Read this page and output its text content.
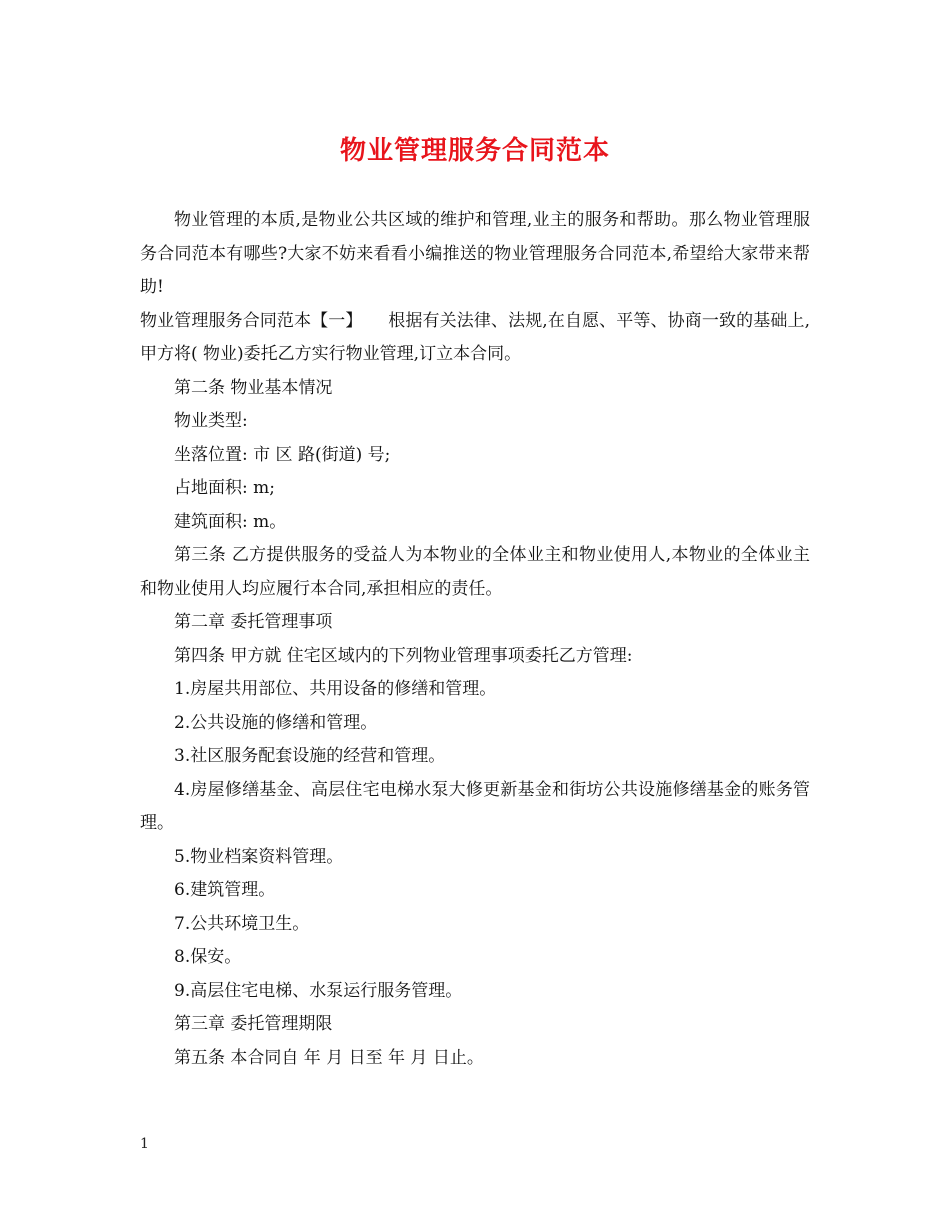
物业管理服务合同范本

物业管理的本质,是物业公共区域的维护和管理,业主的服务和帮助。那么物业管理服务合同范本有哪些?大家不妨来看看小编推送的物业管理服务合同范本,希望给大家带来帮助!

物业管理服务合同范本【一】　　根据有关法律、法规,在自愿、平等、协商一致的基础上,甲方将( 物业)委托乙方实行物业管理,订立本合同。

第二条 物业基本情况

物业类型:

坐落位置: 市 区 路(街道) 号;

占地面积: m;

建筑面积: m。

第三条 乙方提供服务的受益人为本物业的全体业主和物业使用人,本物业的全体业主和物业使用人均应履行本合同,承担相应的责任。

第二章 委托管理事项

第四条 甲方就 住宅区域内的下列物业管理事项委托乙方管理:

1.房屋共用部位、共用设备的修缮和管理。

2.公共设施的修缮和管理。

3.社区服务配套设施的经营和管理。

4.房屋修缮基金、高层住宅电梯水泵大修更新基金和街坊公共设施修缮基金的账务管理。

5.物业档案资料管理。

6.建筑管理。

7.公共环境卫生。

8.保安。

9.高层住宅电梯、水泵运行服务管理。

第三章 委托管理期限

第五条 本合同自 年 月 日至 年 月 日止。

1
